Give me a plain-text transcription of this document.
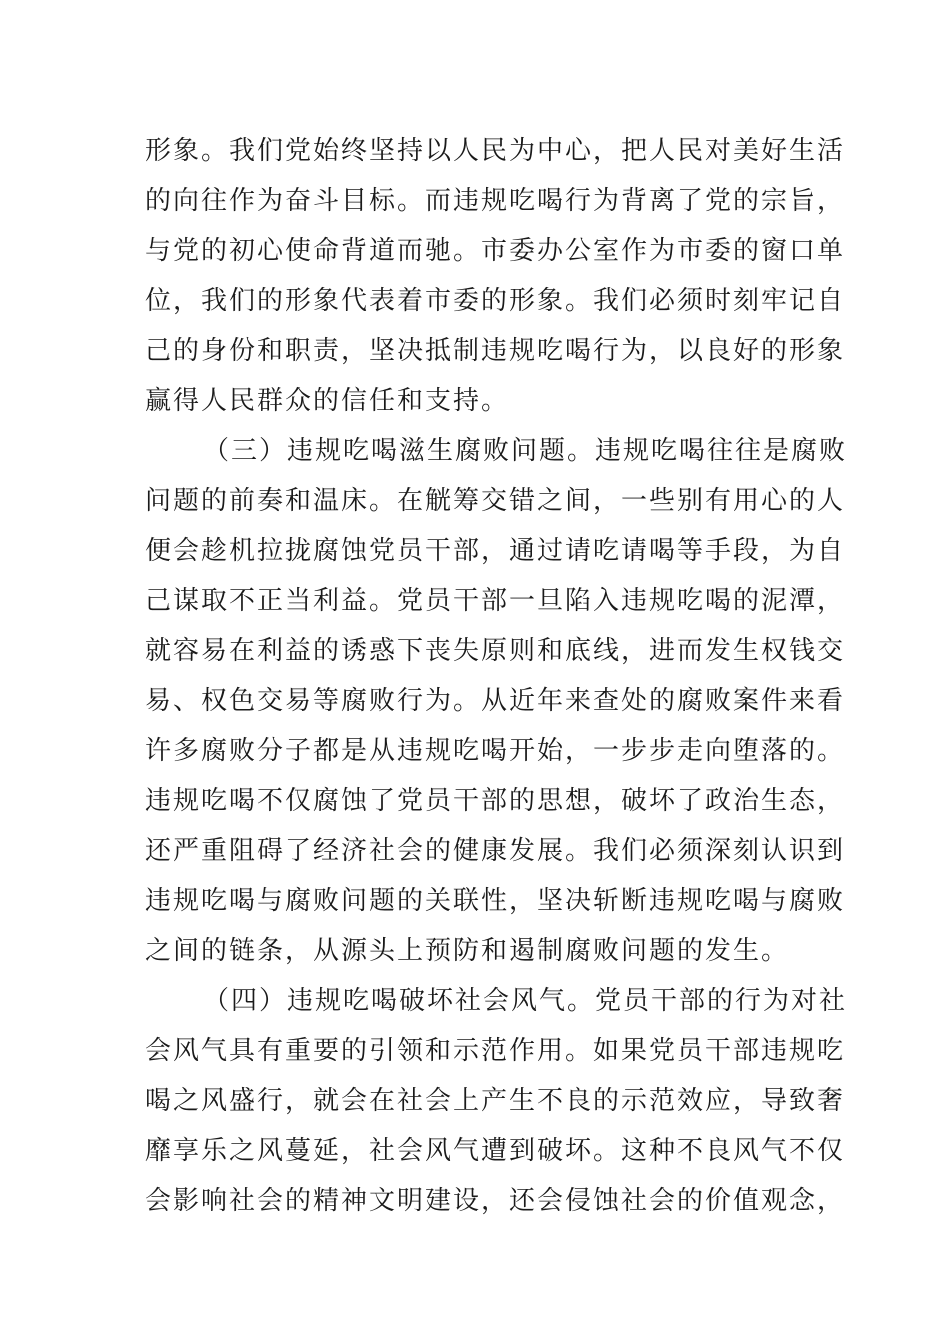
形象。我们党始终坚持以人民为中心，把人民对美好生活
的向往作为奋斗目标。而违规吃喝行为背离了党的宗旨，
与党的初心使命背道而驰。市委办公室作为市委的窗口单
位，我们的形象代表着市委的形象。我们必须时刻牢记自
己的身份和职责，坚决抵制违规吃喝行为，以良好的形象
赢得人民群众的信任和支持。
（三）违规吃喝滋生腐败问题。违规吃喝往往是腐败
问题的前奏和温床。在觥筹交错之间，一些别有用心的人
便会趁机拉拢腐蚀党员干部，通过请吃请喝等手段，为自
己谋取不正当利益。党员干部一旦陷入违规吃喝的泥潭，
就容易在利益的诱惑下丧失原则和底线，进而发生权钱交
易、权色交易等腐败行为。从近年来查处的腐败案件来看
许多腐败分子都是从违规吃喝开始，一步步走向堕落的。
违规吃喝不仅腐蚀了党员干部的思想，破坏了政治生态，
还严重阻碍了经济社会的健康发展。我们必须深刻认识到
违规吃喝与腐败问题的关联性，坚决斩断违规吃喝与腐败
之间的链条，从源头上预防和遏制腐败问题的发生。
（四）违规吃喝破坏社会风气。党员干部的行为对社
会风气具有重要的引领和示范作用。如果党员干部违规吃
喝之风盛行，就会在社会上产生不良的示范效应，导致奢
靡享乐之风蔓延，社会风气遭到破坏。这种不良风气不仅
会影响社会的精神文明建设，还会侵蚀社会的价值观念，
